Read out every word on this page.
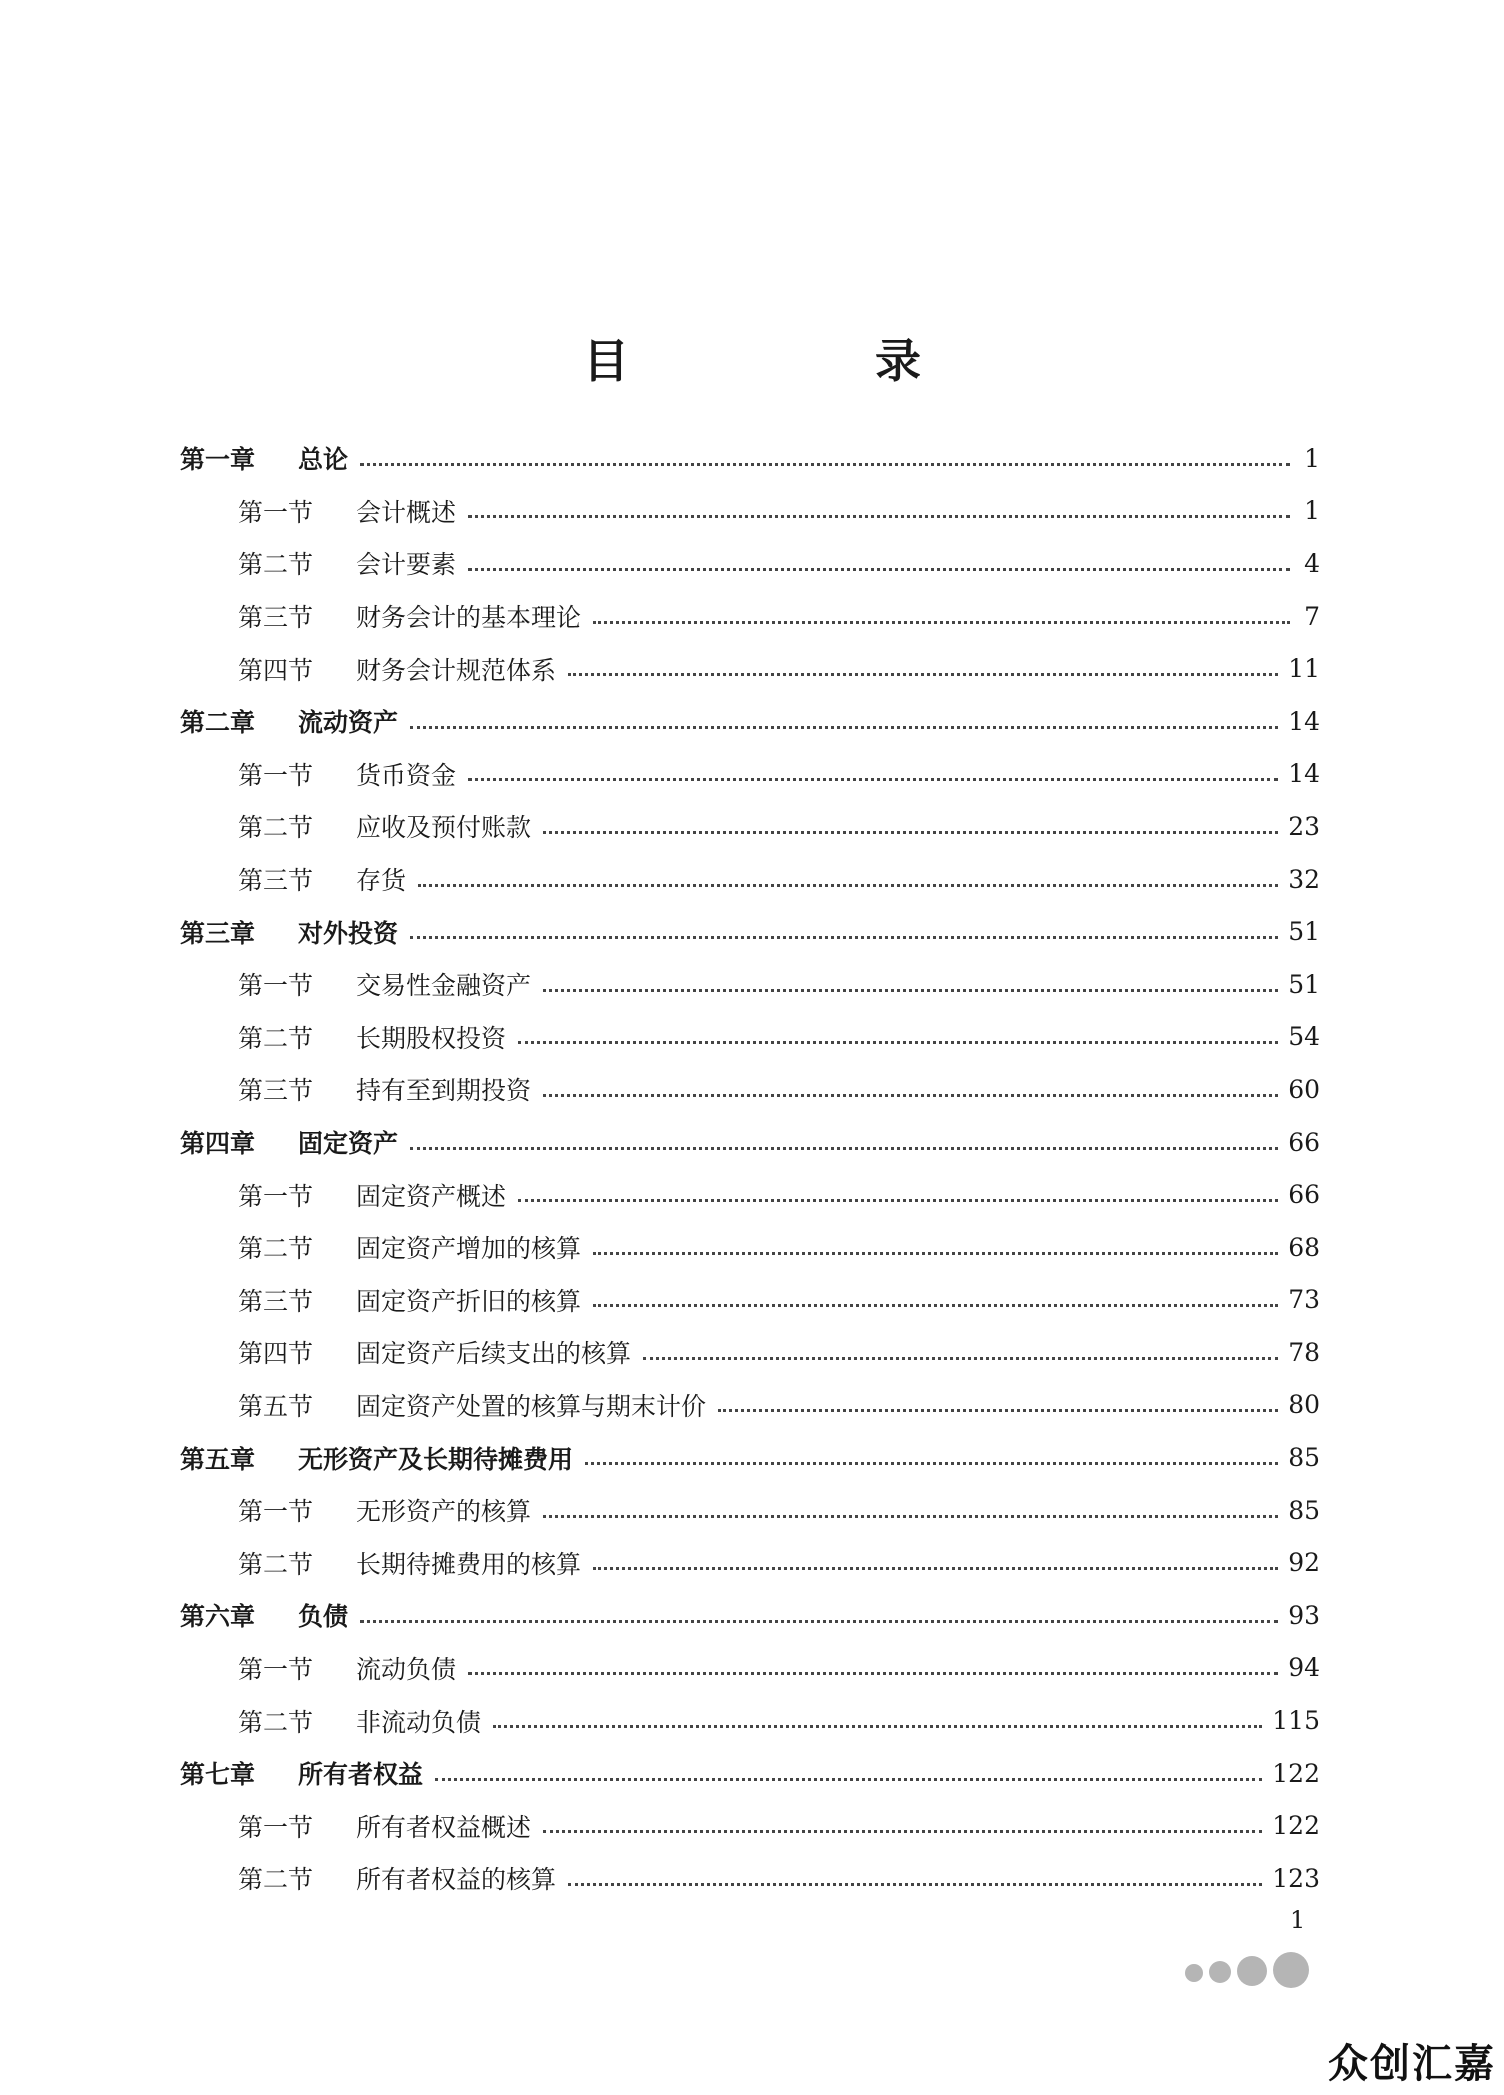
目　录
第一章	总论	1
第一节	会计概述	1
第二节	会计要素	4
第三节	财务会计的基本理论	7
第四节	财务会计规范体系	11
第二章	流动资产	14
第一节	货币资金	14
第二节	应收及预付账款	23
第三节	存货	32
第三章	对外投资	51
第一节	交易性金融资产	51
第二节	长期股权投资	54
第三节	持有至到期投资	60
第四章	固定资产	66
第一节	固定资产概述	66
第二节	固定资产增加的核算	68
第三节	固定资产折旧的核算	73
第四节	固定资产后续支出的核算	78
第五节	固定资产处置的核算与期末计价	80
第五章	无形资产及长期待摊费用	85
第一节	无形资产的核算	85
第二节	长期待摊费用的核算	92
第六章	负债	93
第一节	流动负债	94
第二节	非流动负债	115
第七章	所有者权益	122
第一节	所有者权益概述	122
第二节	所有者权益的核算	123
1
众创汇嘉
